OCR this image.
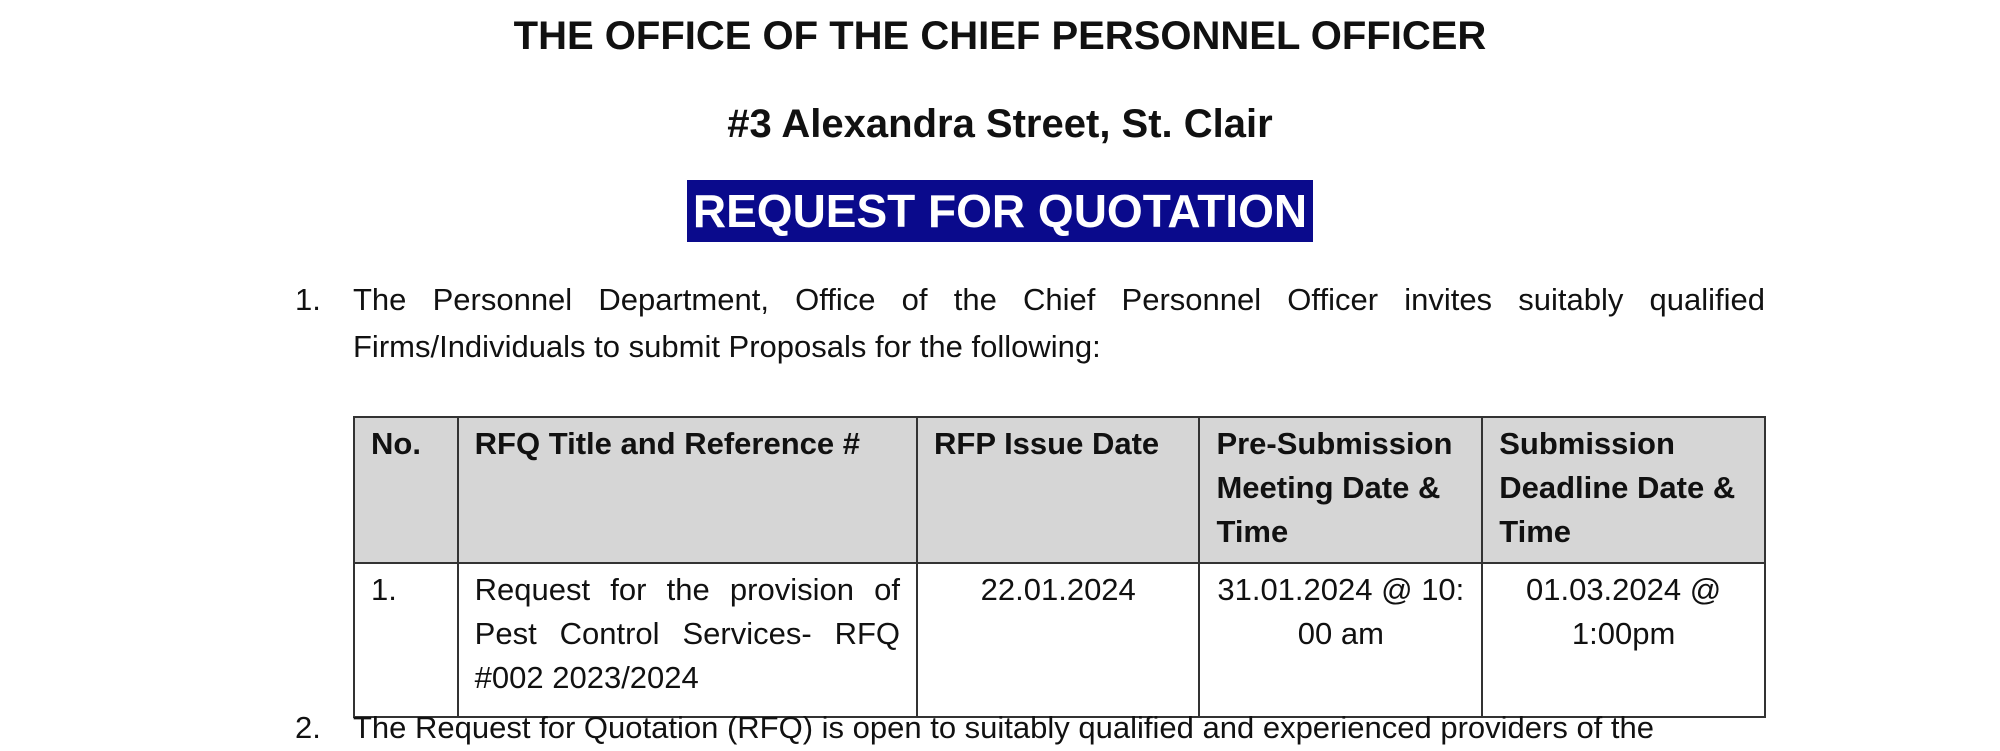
THE OFFICE OF THE CHIEF PERSONNEL OFFICER
#3 Alexandra Street, St. Clair
REQUEST FOR QUOTATION
1. The Personnel Department, Office of the Chief Personnel Officer invites suitably qualified Firms/Individuals to submit Proposals for the following:
No.	RFQ Title and Reference #	RFP Issue Date	Pre-Submission Meeting Date & Time	Submission Deadline Date & Time
1.	Request for the provision of Pest Control Services- RFQ #002 2023/2024	22.01.2024	31.01.2024 @ 10: 00 am	01.03.2024 @ 1:00pm
2. The Request for Quotation (RFQ) is open to suitably qualified and experienced providers of the
